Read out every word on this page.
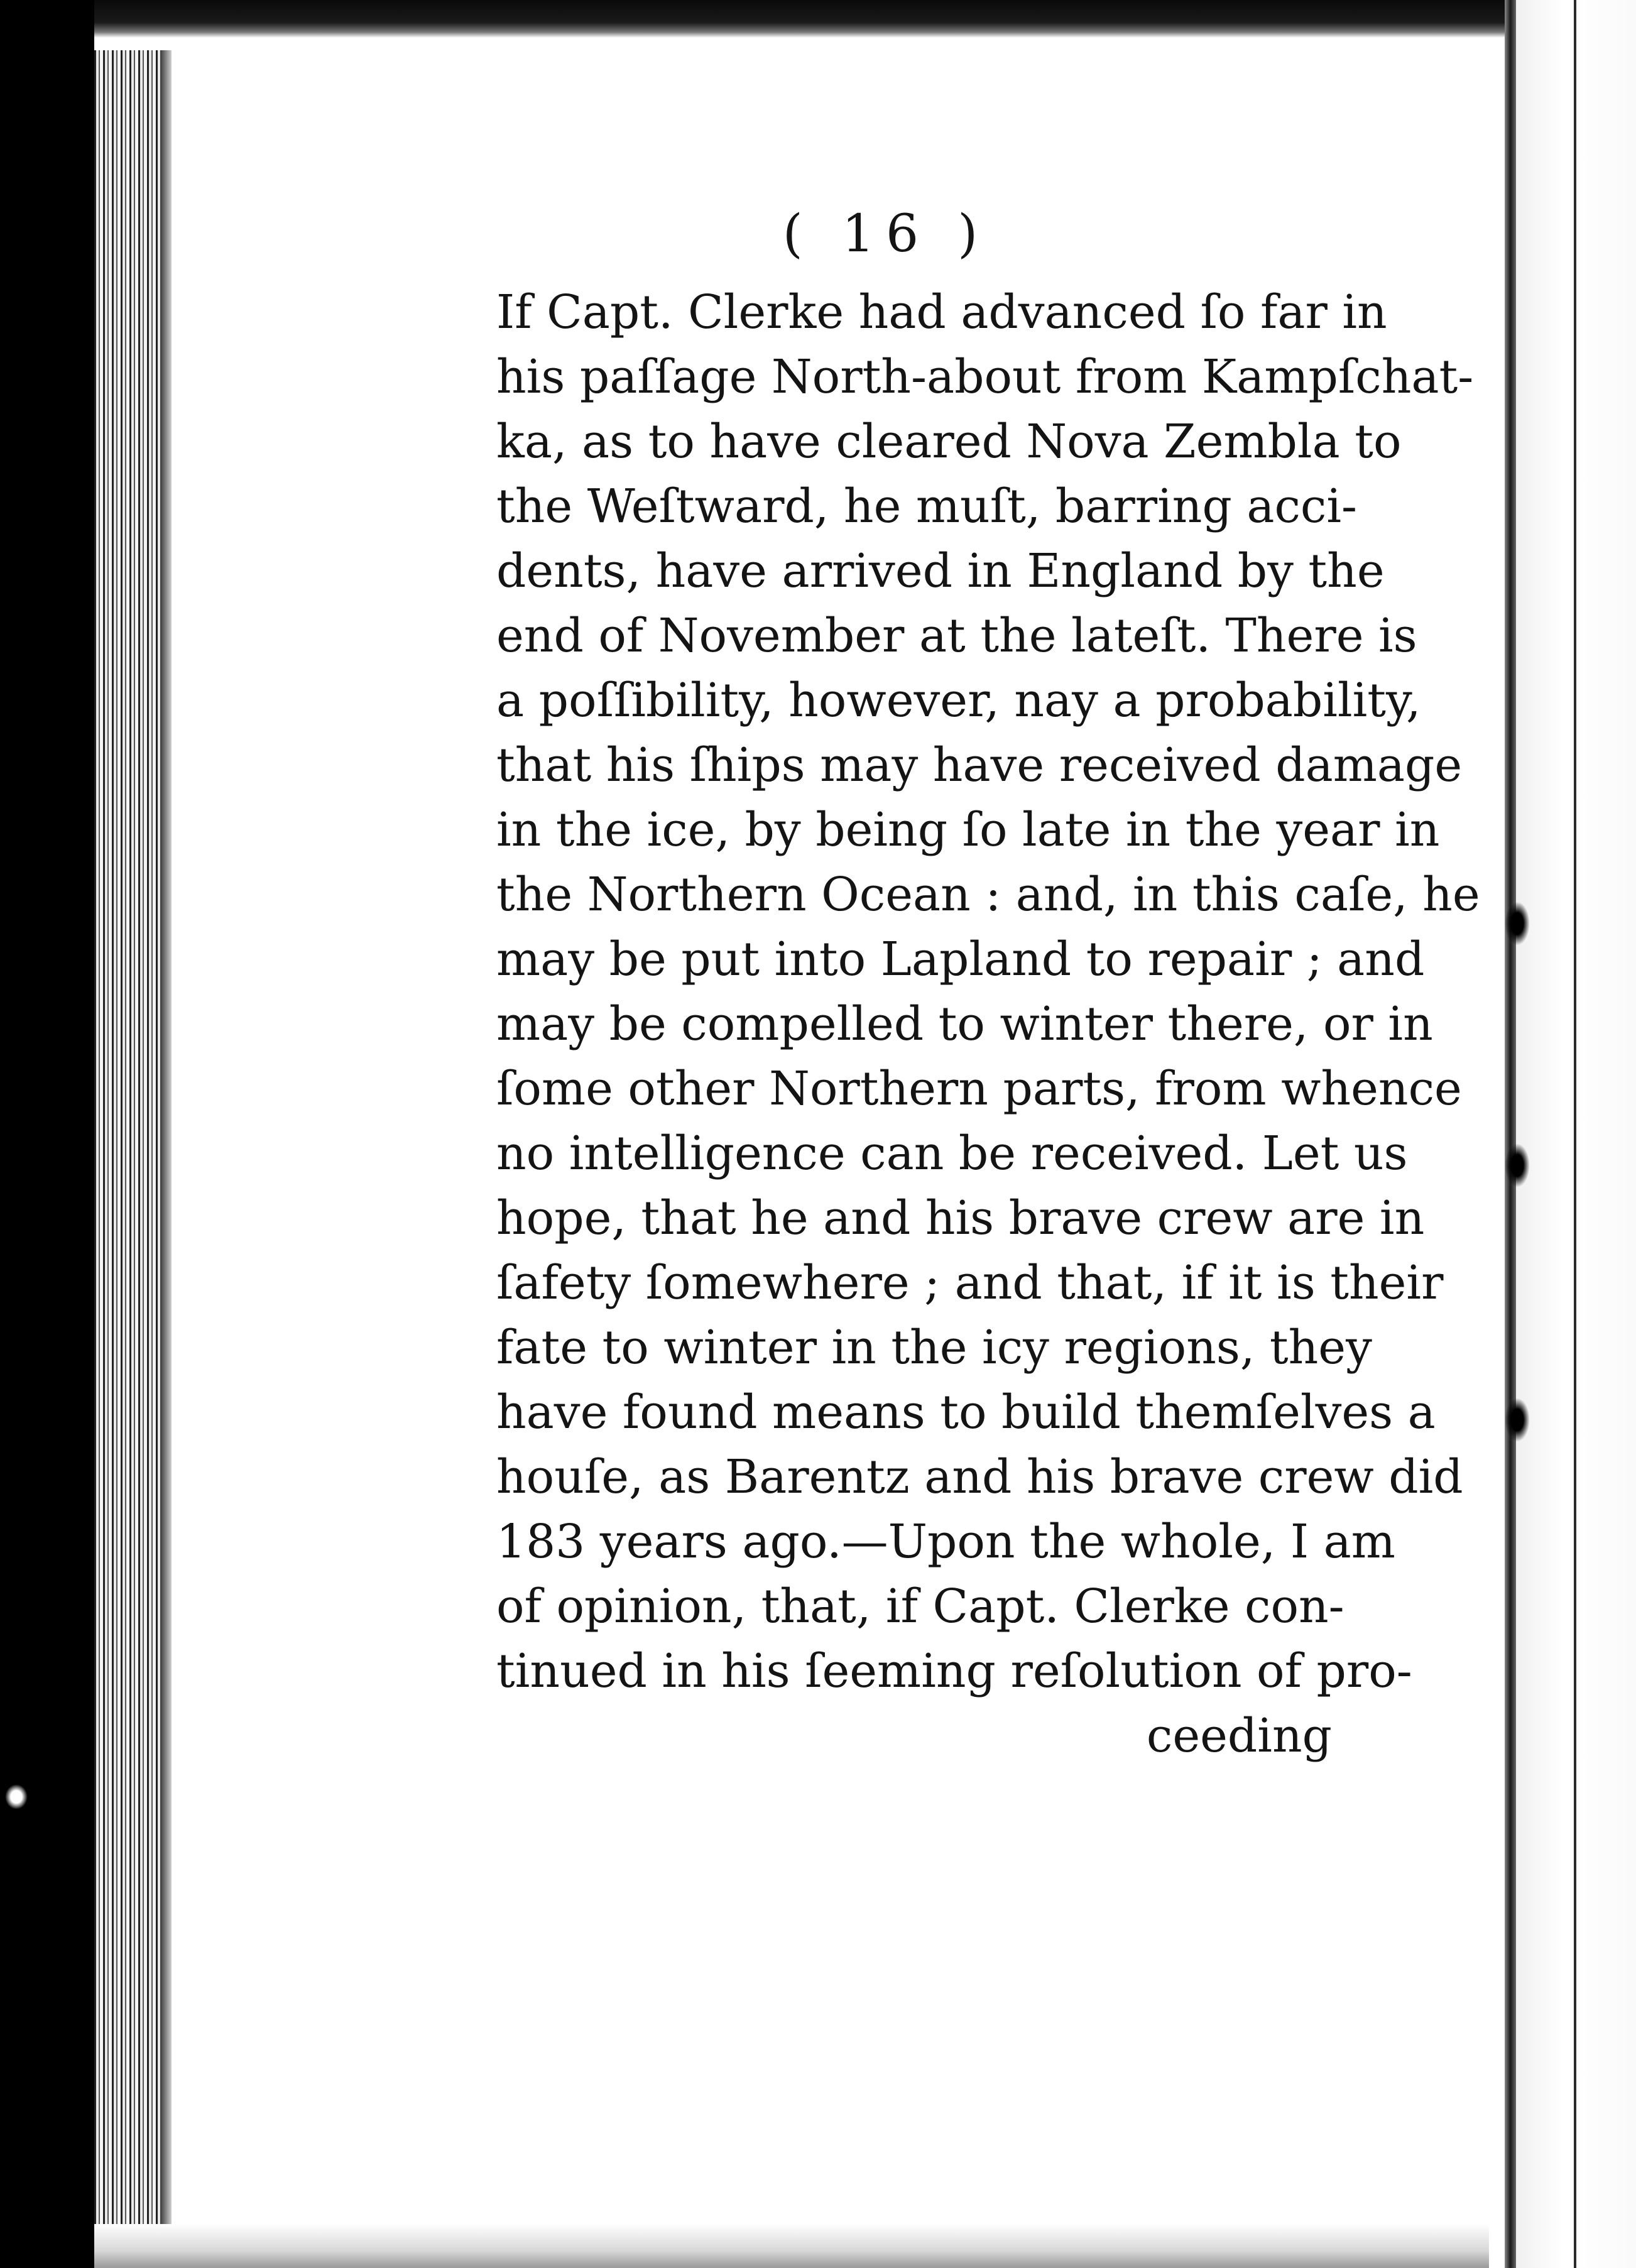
( 16 )
If Capt. Clerke had advanced ſo far in
his paſſage North-about from Kampſchat-
ka, as to have cleared Nova Zembla to
the Weſtward, he muſt, barring acci-
dents, have arrived in England by the
end of November at the lateſt. There is
a poſſibility, however, nay a probability,
that his ſhips may have received damage
in the ice, by being ſo late in the year in
the Northern Ocean : and, in this caſe, he
may be put into Lapland to repair ; and
may be compelled to winter there, or in
ſome other Northern parts, from whence
no intelligence can be received. Let us
hope, that he and his brave crew are in
ſafety ſomewhere ; and that, if it is their
fate to winter in the icy regions, they
have found means to build themſelves a
houſe, as Barentz and his brave crew did
183 years ago.—Upon the whole, I am
of opinion, that, if Capt. Clerke con-
tinued in his ſeeming reſolution of pro-
ceeding
